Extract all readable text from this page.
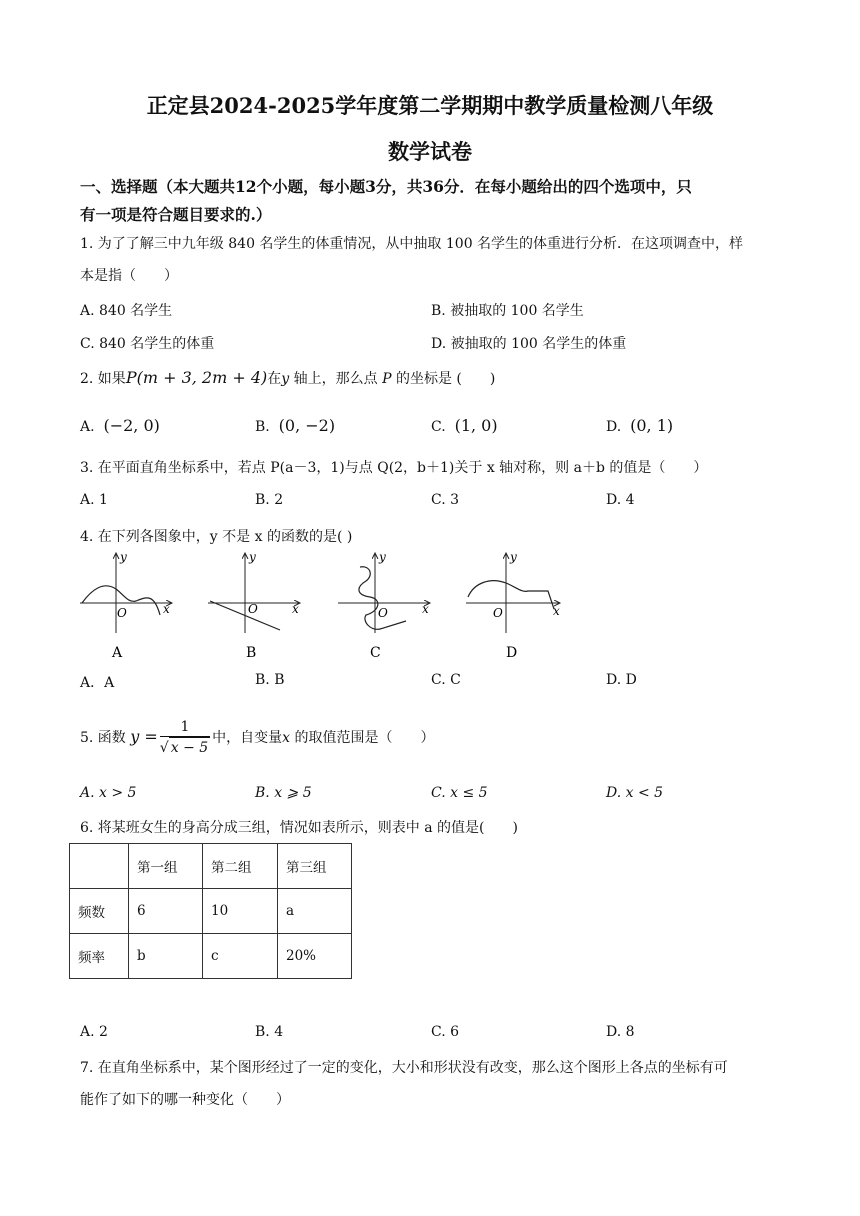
正定县2024-2025学年度第二学期期中教学质量检测八年级
数学试卷
一、选择题（本大题共12个小题，每小题3分，共36分．在每小题给出的四个选项中，只
有一项是符合题目要求的.）
1. 为了了解三中九年级 840 名学生的体重情况，从中抽取 100 名学生的体重进行分析．在这项调查中，样
本是指（　　）
A. 840 名学生	B. 被抽取的 100 名学生
C. 840 名学生的体重	D. 被抽取的 100 名学生的体重
2. 如果P(m + 3, 2m + 4)在y 轴上，那么点 P 的坐标是 (　　)
A. (−2, 0)	B. (0, −2)	C. (1, 0)	D. (0, 1)
3. 在平面直角坐标系中，若点 P(a－3，1)与点 Q(2，b＋1)关于 x 轴对称，则 a＋b 的值是（　　）
A. 1	B. 2	C. 3	D. 4
4. 在下列各图象中，y 不是 x 的函数的是( )
y
x
O
A
y
x
O
B
y
x
O
C
y
x
O
D
A．A	B. B	C. C	D. D
5. 函数 $y = \frac{1}{√ x - 5}$ 中，自变量x 的取值范围是（　　）
A. x > 5	B. x ⩾ 5	C. x ≤ 5	D. x < 5
6. 将某班女生的身高分成三组，情况如表所示，则表中 a 的值是(　　)
	第一组	第二组	第三组
频数	6	10	a
频率	b	c	20%
A. 2	B. 4	C. 6	D. 8
7. 在直角坐标系中，某个图形经过了一定的变化，大小和形状没有改变，那么这个图形上各点的坐标有可
能作了如下的哪一种变化（　　）
